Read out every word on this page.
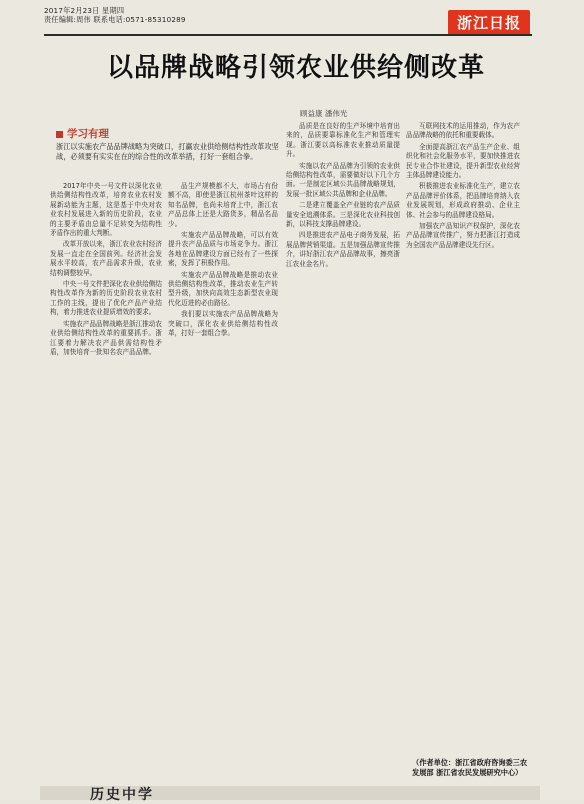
2017年2月23日 星期四
责任编辑:周伟 联系电话:0571-85310289	浙江日报
以品牌战略引领农业供给侧改革
顾益康 潘伟光
学习有理
浙江以实施农产品品牌战略为突破口，打赢农业供给侧结构性改革攻坚战，必须要有实实在在的综合性的改革举措，打好一套组合拳。

2017年中央一号文件以深化农业供给侧结构性改革，培育农业农村发展新动能为主题，这是基于中央对农业农村发展进入新的历史阶段，农业的主要矛盾由总量不足转变为结构性矛盾作出的重大判断。

改革开放以来，浙江农业农村经济发展一直走在全国前列。经济社会发展水平较高，农产品需求升级，农业结构调整较早。

中央一号文件把深化农业供给侧结构性改革作为新的历史阶段农业农村工作的主线，提出了优化产品产业结构，着力推进农业提质增效的要求。

实施农产品品牌战略是浙江推动农业供给侧结构性改革的重要抓手。浙江要着力解决农产品供需结构性矛盾，加快培育一批知名农产品品牌。

品生产规模都不大，市场占有份额不高，即使是浙江杭州茶叶这样的知名品牌，也尚未培育上中，浙江农产品总体上还是大路货多，精品名品少。

实施农产品品牌战略，可以有效提升农产品品质与市场竞争力。浙江各地在品牌建设方面已经有了一些探索，发挥了积极作用。

实施农产品品牌战略是推动农业供给侧结构性改革，推动农业生产转型升级，加快向高效生态新型农业现代化迈进的必由路径。

我们要以实施农产品品牌战略为突破口，深化农业供给侧结构性改革，打好一套组合拳。

品质是在良好的生产环境中培育出来的，品质要靠标准化生产和管理实现。浙江要以高标准农业推动质量提升。

实施以农产品品牌为引领的农业供给侧结构性改革，需要做好以下几个方面。一是制定区域公共品牌战略规划，发展一批区域公共品牌和企业品牌。

二是建立覆盖全产业链的农产品质量安全追溯体系。三是深化农业科技创新，以科技支撑品牌建设。

四是推进农产品电子商务发展，拓展品牌营销渠道。五是加强品牌宣传推介，讲好浙江农产品品牌故事，擦亮浙江农业金名片。

互联网技术的运用推动，作为农产品品牌战略的依托和重要载体。

全面提高浙江农产品生产企业、组织化和社会化服务水平，要加快推进农民专业合作社建设，提升新型农业经营主体品牌建设能力。

积极推进农业标准化生产，建立农产品品牌评价体系，把品牌培育纳入农业发展规划，形成政府推动、企业主体、社会参与的品牌建设格局。

加强农产品知识产权保护，深化农产品品牌宣传推广，努力把浙江打造成为全国农产品品牌建设先行区。

（作者单位：浙江省政府咨询委三农发展部 浙江省农民发展研究中心）
历史中学
